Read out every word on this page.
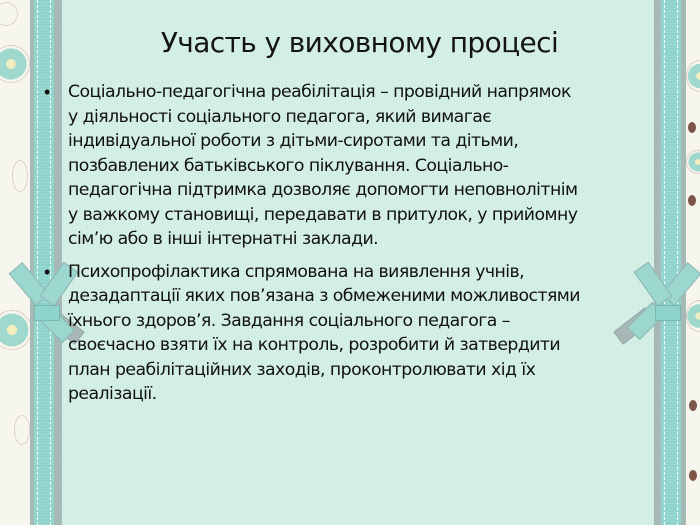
Участь у виховному процесі
• Соціально-педагогічна реабілітація – провідний напрямок
у діяльності соціального педагога, який вимагає
індивідуальної роботи з дітьми-сиротами та дітьми,
позбавлених батьківського піклування. Соціально-
педагогічна підтримка дозволяє допомогти неповнолітнім
у важкому становищі, передавати в притулок, у прийомну
сім’ю або в інші інтернатні заклади.
• Психопрофілактика спрямована на виявлення учнів,
дезадаптації яких пов’язана з обмеженими можливостями
їхнього здоров’я. Завдання соціального педагога –
своєчасно взяти їх на контроль, розробити й затвердити
план реабілітаційних заходів, проконтролювати хід їх
реалізації.
